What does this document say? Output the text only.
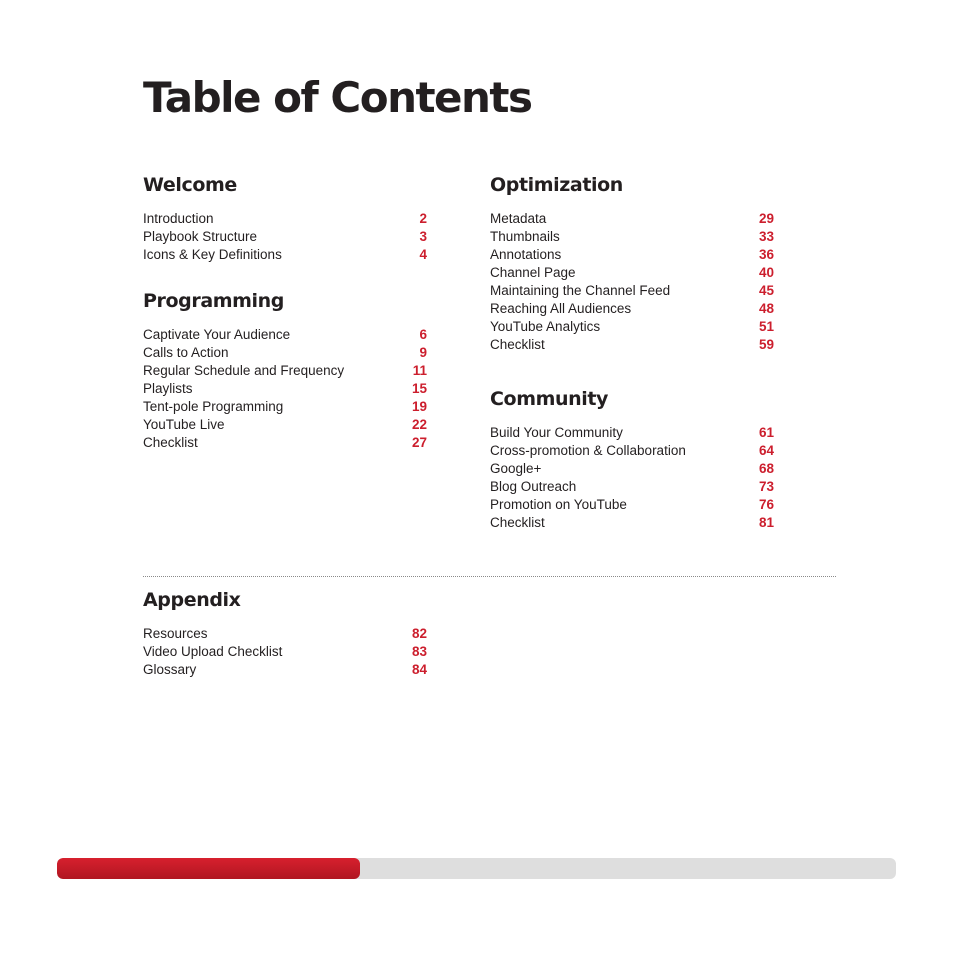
Table of Contents
Welcome
Introduction	2
Playbook Structure	3
Icons & Key Definitions	4
Programming
Captivate Your Audience	6
Calls to Action	9
Regular Schedule and Frequency	11
Playlists	15
Tent-pole Programming	19
YouTube Live	22
Checklist	27
Optimization
Metadata	29
Thumbnails	33
Annotations	36
Channel Page	40
Maintaining the Channel Feed	45
Reaching All Audiences	48
YouTube Analytics	51
Checklist	59
Community
Build Your Community	61
Cross-promotion & Collaboration	64
Google+	68
Blog Outreach	73
Promotion on YouTube	76
Checklist	81
Appendix
Resources	82
Video Upload Checklist	83
Glossary	84
